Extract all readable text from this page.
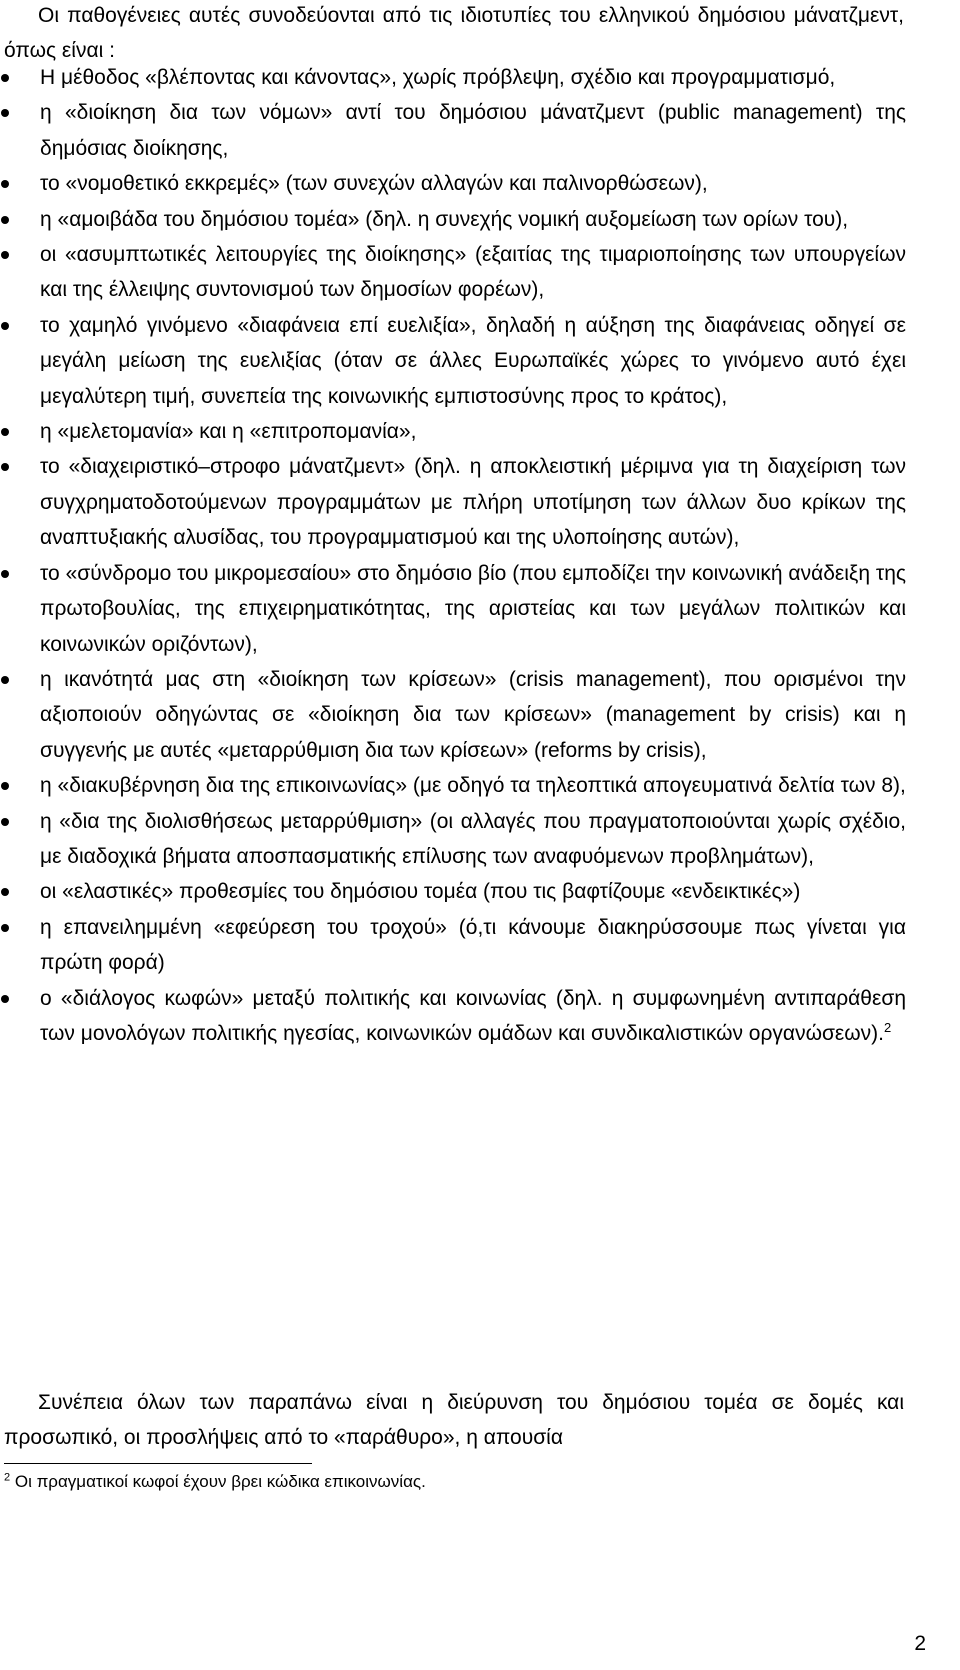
Οι παθογένειες αυτές συνοδεύονται από τις ιδιοτυπίες του ελληνικού δημόσιου μάνατζμεντ, όπως είναι :

Η μέθοδος «βλέποντας και κάνοντας», χωρίς πρόβλεψη, σχέδιο και προγραμματισμό,
η «διοίκηση δια των νόμων» αντί του δημόσιου μάνατζμεντ (public management) της δημόσιας διοίκησης,
το «νομοθετικό εκκρεμές» (των συνεχών αλλαγών και παλινορθώσεων),
η «αμοιβάδα του δημόσιου τομέα» (δηλ. η συνεχής νομική αυξομείωση των ορίων του),
οι «ασυμπτωτικές λειτουργίες της διοίκησης» (εξαιτίας της τιμαριοποίησης των υπουργείων και της έλλειψης συντονισμού των δημοσίων φορέων),
το χαμηλό γινόμενο «διαφάνεια επί ευελιξία», δηλαδή η αύξηση της διαφάνειας οδηγεί σε μεγάλη μείωση της ευελιξίας (όταν σε άλλες Ευρωπαϊκές χώρες το γινόμενο αυτό έχει μεγαλύτερη τιμή, συνεπεία της κοινωνικής εμπιστοσύνης προς το κράτος),
η «μελετομανία» και η «επιτροπομανία»,
το «διαχειριστικό–στροφο μάνατζμεντ» (δηλ. η αποκλειστική μέριμνα για τη διαχείριση των συγχρηματοδοτούμενων προγραμμάτων με πλήρη υποτίμηση των άλλων δυο κρίκων της αναπτυξιακής αλυσίδας, του προγραμματισμού και της υλοποίησης αυτών),
το «σύνδρομο του μικρομεσαίου» στο δημόσιο βίο (που εμποδίζει την κοινωνική ανάδειξη της πρωτοβουλίας, της επιχειρηματικότητας, της αριστείας και των μεγάλων πολιτικών και κοινωνικών οριζόντων),
η ικανότητά μας στη «διοίκηση των κρίσεων» (crisis management), που ορισμένοι την αξιοποιούν οδηγώντας σε «διοίκηση δια των κρίσεων» (management by crisis) και η συγγενής με αυτές «μεταρρύθμιση δια των κρίσεων» (reforms by crisis),
η «διακυβέρνηση δια της επικοινωνίας» (με οδηγό τα τηλεοπτικά απογευματινά δελτία των 8),
η «δια της διολισθήσεως μεταρρύθμιση» (οι αλλαγές που πραγματοποιούνται χωρίς σχέδιο, με διαδοχικά βήματα αποσπασματικής επίλυσης των αναφυόμενων προβλημάτων),
οι «ελαστικές» προθεσμίες του δημόσιου τομέα (που τις βαφτίζουμε «ενδεικτικές»)
η επανειλημμένη «εφεύρεση του τροχού» (ό,τι κάνουμε διακηρύσσουμε πως γίνεται για πρώτη φορά)
ο «διάλογος κωφών» μεταξύ πολιτικής και κοινωνίας (δηλ. η συμφωνημένη αντιπαράθεση των μονολόγων πολιτικής ηγεσίας, κοινωνικών ομάδων και συνδικαλιστικών οργανώσεων).$^2$

Συνέπεια όλων των παραπάνω είναι η διεύρυνση του δημόσιου τομέα σε δομές και προσωπικό, οι προσλήψεις από το «παράθυρο», η απουσία

$^2$ Οι πραγματικοί κωφοί έχουν βρει κώδικα επικοινωνίας.
2
